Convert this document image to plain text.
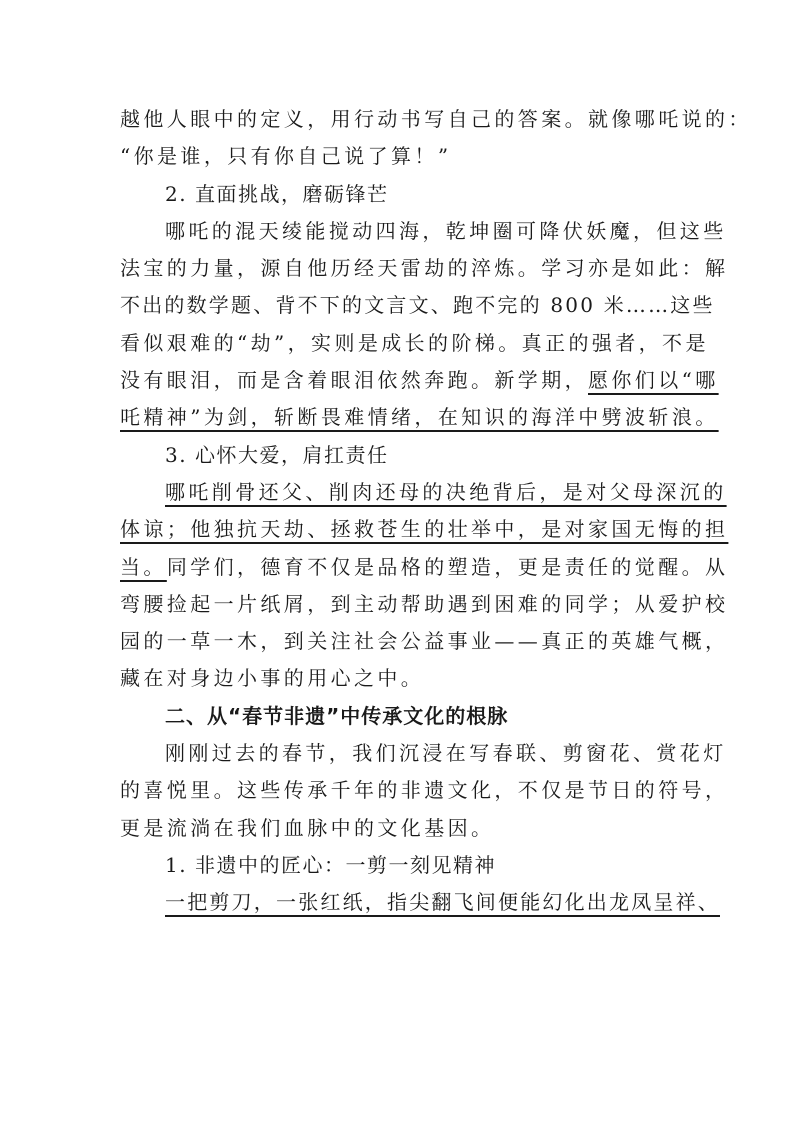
越他人眼中的定义，用行动书写自己的答案。就像哪吒说的：
“你是谁，只有你自己说了算！”
2. 直面挑战，磨砺锋芒
哪吒的混天绫能搅动四海，乾坤圈可降伏妖魔，但这些
法宝的力量，源自他历经天雷劫的淬炼。学习亦是如此：解
不出的数学题、背不下的文言文、跑不完的 800 米……这些
看似艰难的“劫”，实则是成长的阶梯。真正的强者，不是
没有眼泪，而是含着眼泪依然奔跑。新学期，愿你们以“哪
吒精神”为剑，斩断畏难情绪，在知识的海洋中劈波斩浪。
3. 心怀大爱，肩扛责任
哪吒削骨还父、削肉还母的决绝背后，是对父母深沉的
体谅；他独抗天劫、拯救苍生的壮举中，是对家国无悔的担
当。同学们，德育不仅是品格的塑造，更是责任的觉醒。从
弯腰捡起一片纸屑，到主动帮助遇到困难的同学；从爱护校
园的一草一木，到关注社会公益事业——真正的英雄气概，
藏在对身边小事的用心之中。
二、从“春节非遗”中传承文化的根脉
刚刚过去的春节，我们沉浸在写春联、剪窗花、赏花灯
的喜悦里。这些传承千年的非遗文化，不仅是节日的符号，
更是流淌在我们血脉中的文化基因。
1. 非遗中的匠心：一剪一刻见精神
一把剪刀，一张红纸，指尖翻飞间便能幻化出龙凤呈祥、
